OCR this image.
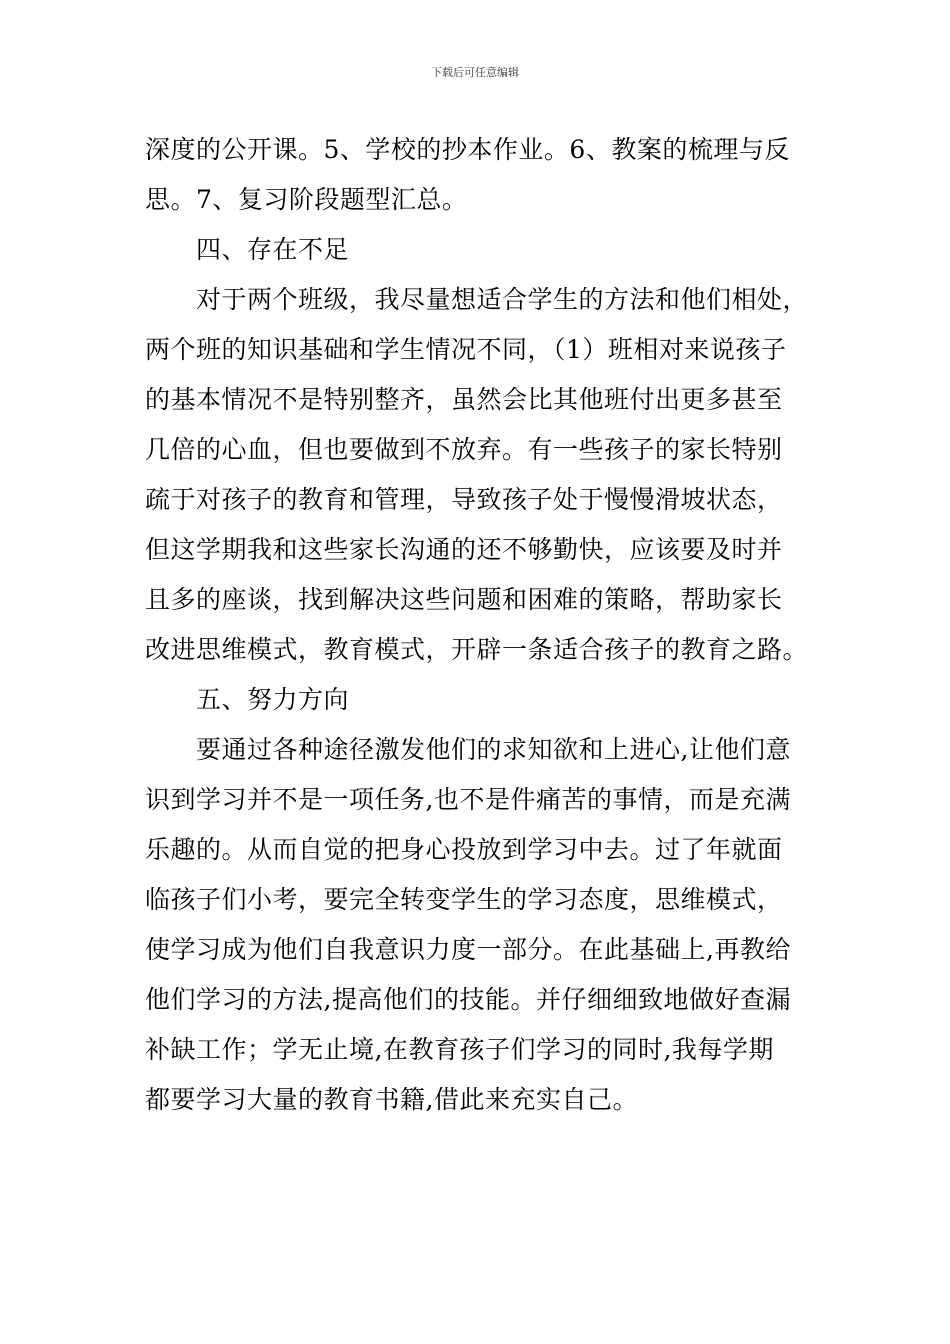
下载后可任意编辑
深度的公开课。5、学校的抄本作业。6、教案的梳理与反
思。7、复习阶段题型汇总。
四、存在不足
对于两个班级，我尽量想适合学生的方法和他们相处，
两个班的知识基础和学生情况不同，（1）班相对来说孩子
的基本情况不是特别整齐，虽然会比其他班付出更多甚至
几倍的心血，但也要做到不放弃。有一些孩子的家长特别
疏于对孩子的教育和管理，导致孩子处于慢慢滑坡状态，
但这学期我和这些家长沟通的还不够勤快，应该要及时并
且多的座谈，找到解决这些问题和困难的策略，帮助家长
改进思维模式，教育模式，开辟一条适合孩子的教育之路。
五、努力方向
要通过各种途径激发他们的求知欲和上进心,让他们意
识到学习并不是一项任务,也不是件痛苦的事情，而是充满
乐趣的。从而自觉的把身心投放到学习中去。过了年就面
临孩子们小考，要完全转变学生的学习态度，思维模式，
使学习成为他们自我意识力度一部分。在此基础上,再教给
他们学习的方法,提高他们的技能。并仔细细致地做好查漏
补缺工作；学无止境,在教育孩子们学习的同时,我每学期
都要学习大量的教育书籍,借此来充实自己。
